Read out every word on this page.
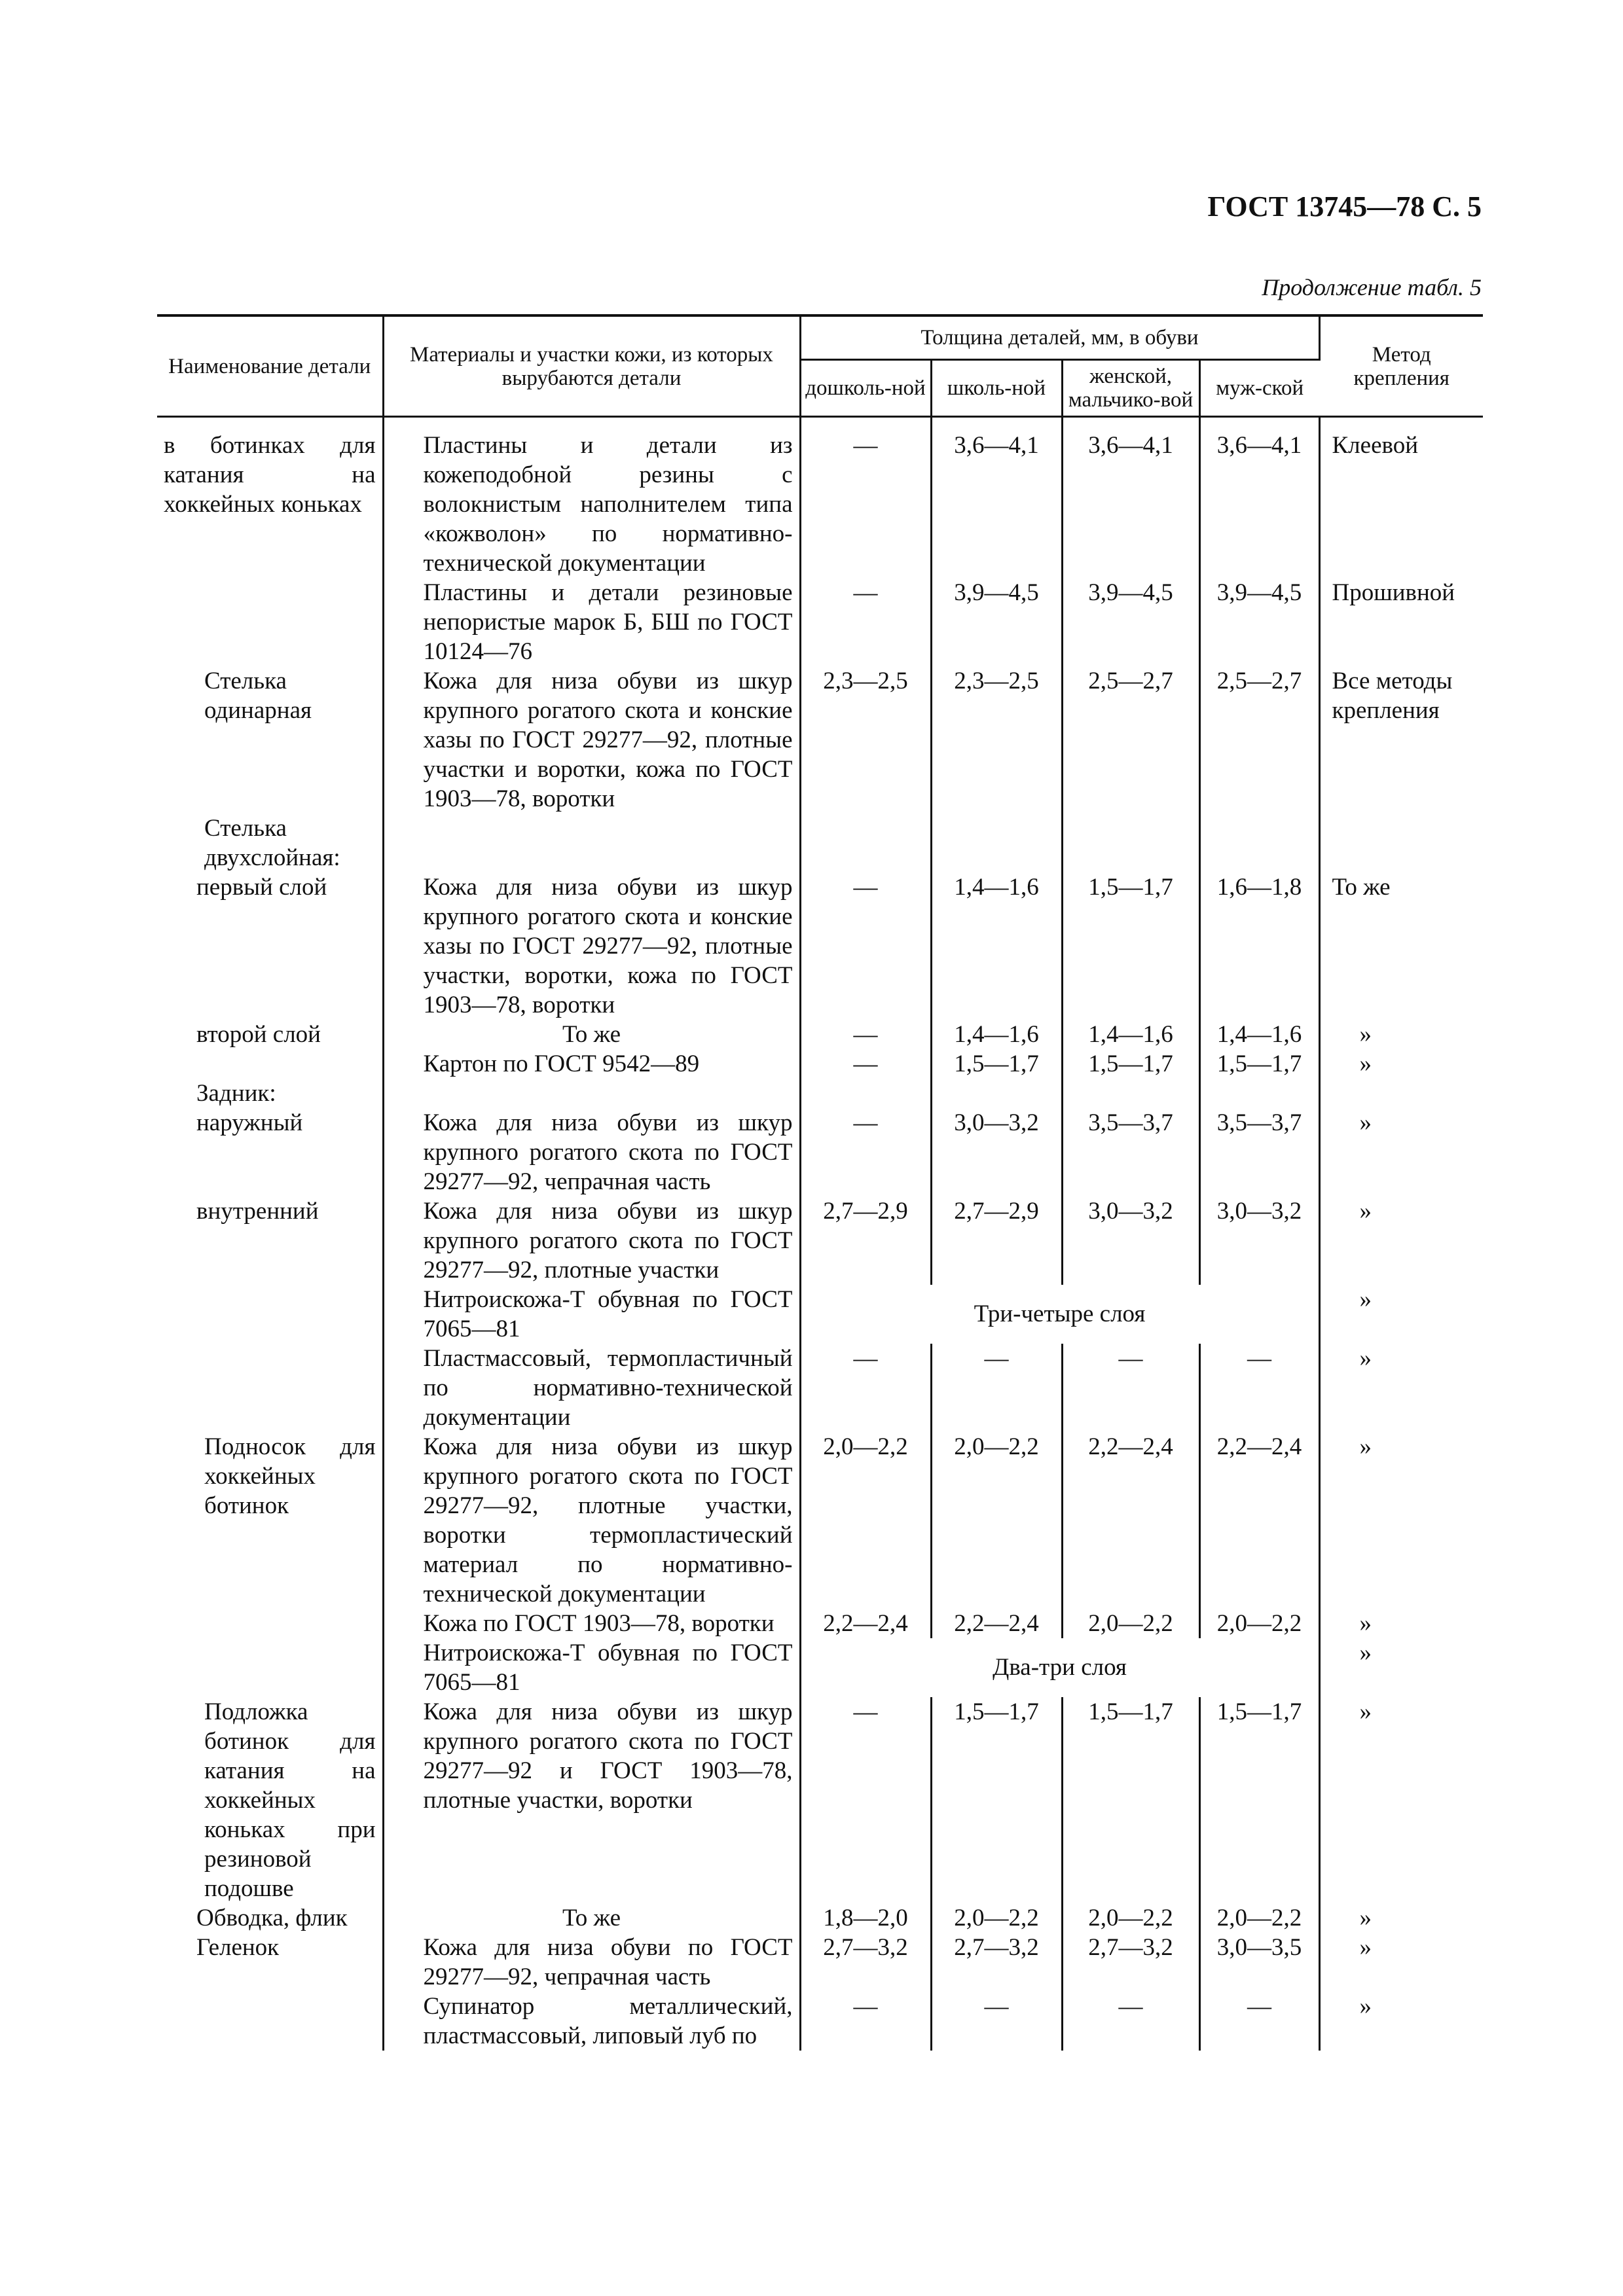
ГОСТ 13745—78 С. 5
Продолжение табл. 5
Наименование детали	Материалы и участки кожи, из которых вырубаются детали	Толщина деталей, мм, в обуви				Метод крепления
		дошколь-ной	школь-ной	женской, мальчико-вой	муж-ской	

в ботинках для катания на хоккейных коньках	Пластины и детали из кожеподобной резины с волокнистым наполнителем типа «кожволон» по нормативно-технической документации	—	3,6—4,1	3,6—4,1	3,6—4,1	Клеевой

	Пластины и детали резиновые непористые марок Б, БШ по ГОСТ 10124—76	—	3,9—4,5	3,9—4,5	3,9—4,5	Прошивной

Стелька одинарная	Кожа для низа обуви из шкур крупного рогатого скота и конские хазы по ГОСТ 29277—92, плотные участки и воротки, кожа по ГОСТ 1903—78, воротки	2,3—2,5	2,3—2,5	2,5—2,7	2,5—2,7	Все методы крепления

Стелька двухслойная:						

первый слой	Кожа для низа обуви из шкур крупного рогатого скота и конские хазы по ГОСТ 29277—92, плотные участки, воротки, кожа по ГОСТ 1903—78, воротки	—	1,4—1,6	1,5—1,7	1,6—1,8	То же

второй слой	То же	—	1,4—1,6	1,4—1,6	1,4—1,6	»

	Картон по ГОСТ 9542—89	—	1,5—1,7	1,5—1,7	1,5—1,7	»

Задник:						

наружный	Кожа для низа обуви из шкур крупного рогатого скота по ГОСТ 29277—92, чепрачная часть	—	3,0—3,2	3,5—3,7	3,5—3,7	»

внутренний	Кожа для низа обуви из шкур крупного рогатого скота по ГОСТ 29277—92, плотные участки	2,7—2,9	2,7—2,9	3,0—3,2	3,0—3,2	»

	Нитроискожа-Т обувная по ГОСТ 7065—81	Три-четыре слоя				»

	Пластмассовый, термопластичный по нормативно-технической документации	—	—	—	—	»

Подносок для хоккейных ботинок	Кожа для низа обуви из шкур крупного рогатого скота по ГОСТ 29277—92, плотные участки, воротки термопластический материал по нормативно-технической документации	2,0—2,2	2,0—2,2	2,2—2,4	2,2—2,4	»

	Кожа по ГОСТ 1903—78, воротки	2,2—2,4	2,2—2,4	2,0—2,2	2,0—2,2	»

	Нитроискожа-Т обувная по ГОСТ 7065—81	Два-три слоя				»

Подложка ботинок для катания на хоккейных коньках при резиновой подошве	Кожа для низа обуви из шкур крупного рогатого скота по ГОСТ 29277—92 и ГОСТ 1903—78, плотные участки, воротки	—	1,5—1,7	1,5—1,7	1,5—1,7	»

Обводка, флик	То же	1,8—2,0	2,0—2,2	2,0—2,2	2,0—2,2	»

Геленок	Кожа для низа обуви по ГОСТ 29277—92, чепрачная часть	2,7—3,2	2,7—3,2	2,7—3,2	3,0—3,5	»

	Супинатор металлический, пластмассовый, липовый луб по	—	—	—	—	»
